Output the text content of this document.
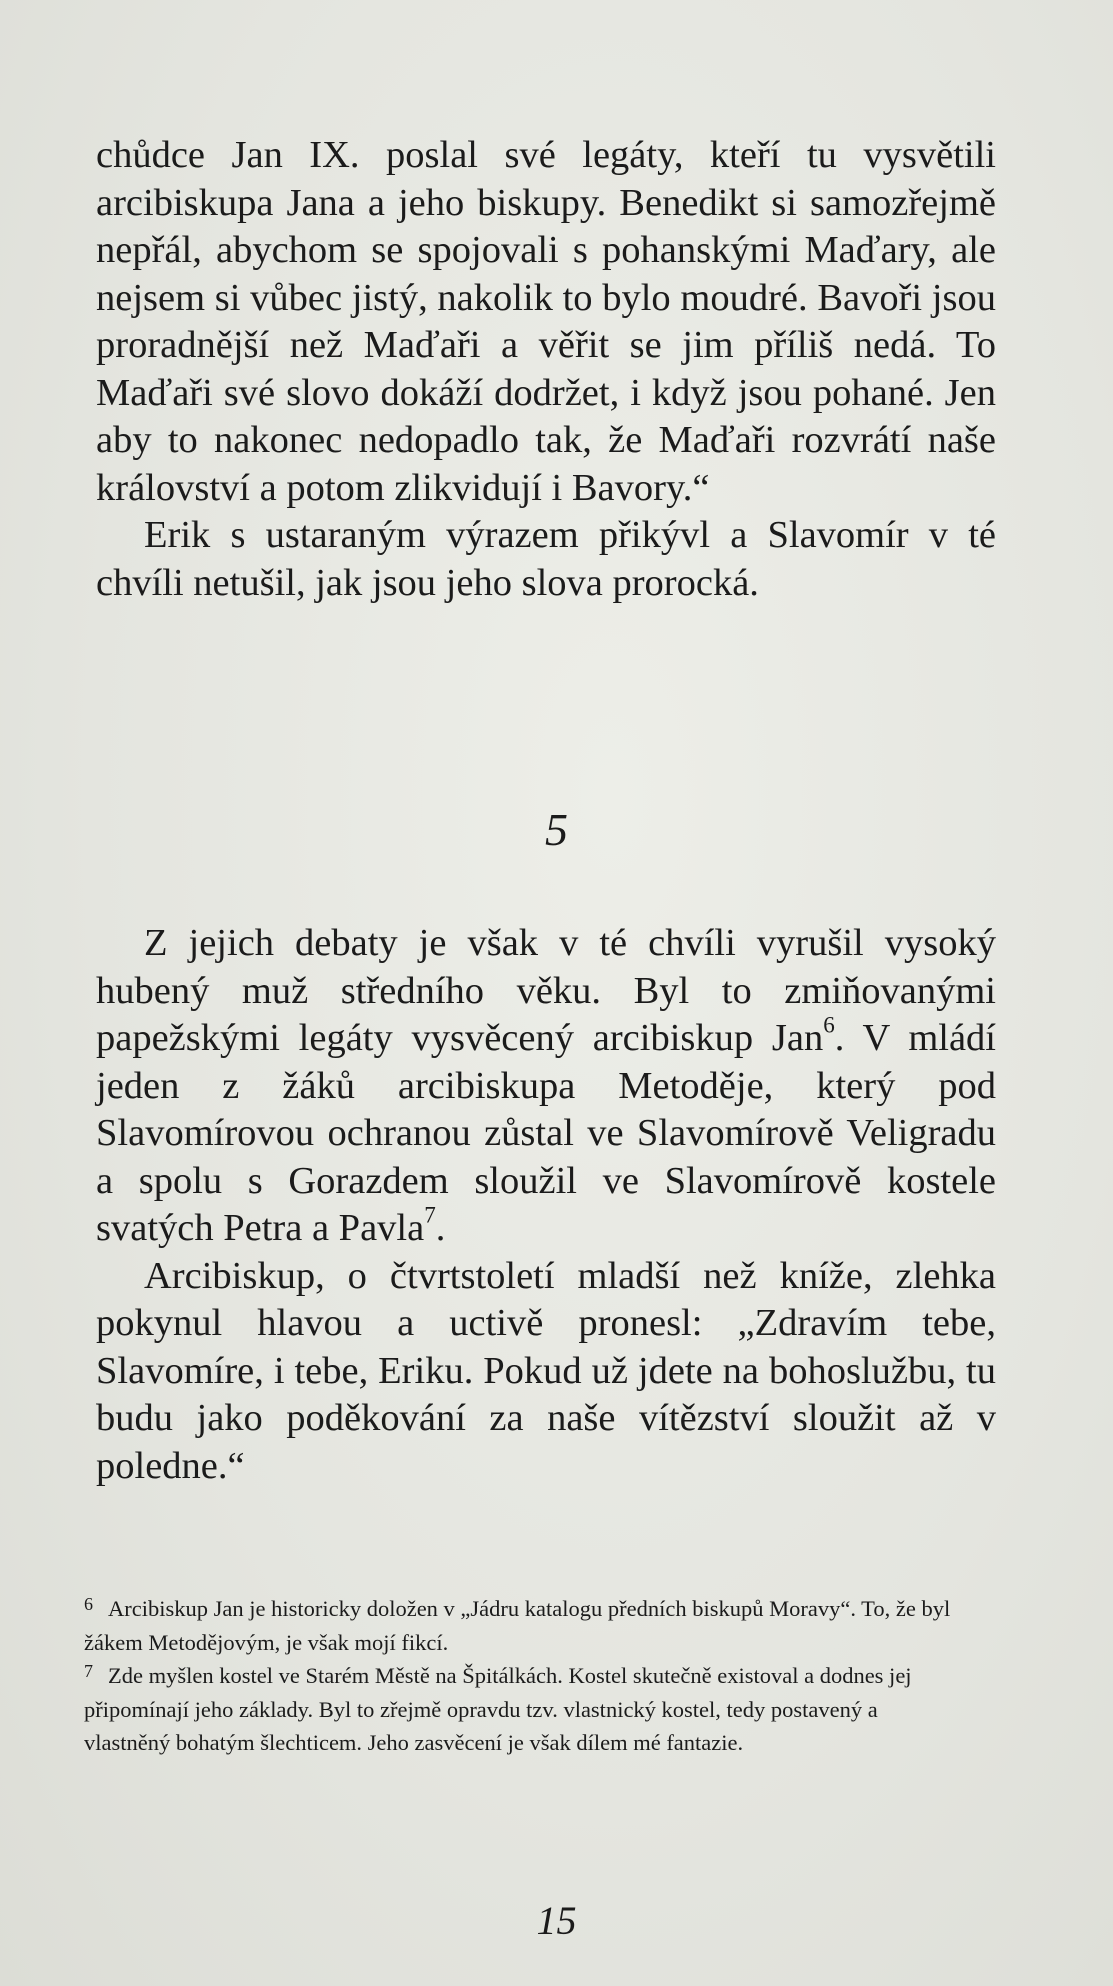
chůdce Jan IX. poslal své legáty, kteří tu vysvětili arcibiskupa Jana a jeho biskupy. Benedikt si samozřejmě nepřál, abychom se spojovali s pohanskými Maďary, ale nejsem si vůbec jistý, nakolik to bylo moudré. Bavoři jsou proradnější než Maďaři a věřit se jim příliš nedá. To Maďaři své slovo dokáží dodržet, i když jsou pohané. Jen aby to nakonec nedopadlo tak, že Maďaři rozvrátí naše království a potom zlikvidují i Bavory.“

Erik s ustaraným výrazem přikývl a Slavomír v té chvíli netušil, jak jsou jeho slova prorocká.

5

Z jejich debaty je však v té chvíli vyrušil vysoký hubený muž středního věku. Byl to zmiňovanými papežskými legáty vysvěcený arcibiskup Jan$^6$. V mládí jeden z žáků arcibiskupa Metoděje, který pod Slavomírovou ochranou zůstal ve Slavomírově Veligradu a spolu s Gorazdem sloužil ve Slavomírově kostele svatých Petra a Pavla$^7$.

Arcibiskup, o čtvrtstoletí mladší než kníže, zlehka pokynul hlavou a uctivě pronesl: „Zdravím tebe, Slavomíre, i tebe, Eriku. Pokud už jdete na bohoslužbu, tu budu jako poděkování za naše vítězství sloužit až v poledne.“

6 Arcibiskup Jan je historicky doložen v „Jádru katalogu předních biskupů Moravy“. To, že byl žákem Metodějovým, je však mojí fikcí.

7 Zde myšlen kostel ve Starém Městě na Špitálkách. Kostel skutečně existoval a dodnes jej připomínají jeho základy. Byl to zřejmě opravdu tzv. vlastnický kostel, tedy postavený a vlastněný bohatým šlechticem. Jeho zasvěcení je však dílem mé fantazie.

15
